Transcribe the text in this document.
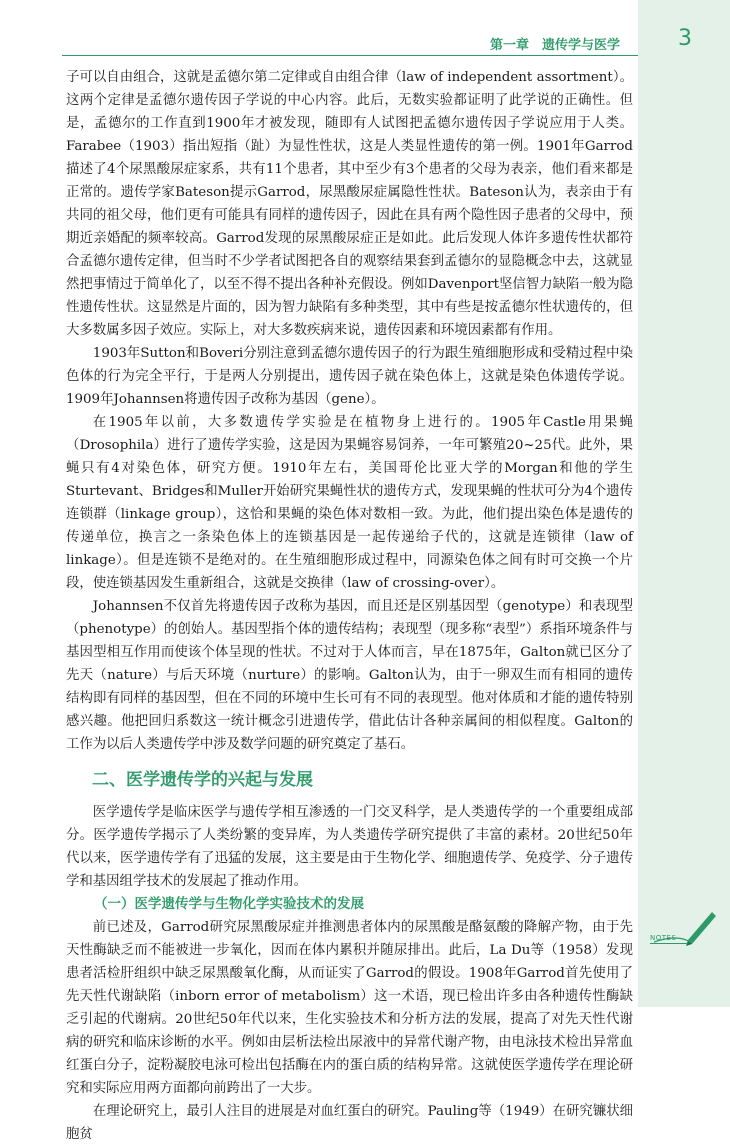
第一章　遗传学与医学	3

子可以自由组合，这就是孟德尔第二定律或自由组合律（law of independent assortment）。这两个定律是孟德尔遗传因子学说的中心内容。此后，无数实验都证明了此学说的正确性。但是，孟德尔的工作直到1900年才被发现，随即有人试图把孟德尔遗传因子学说应用于人类。Farabee（1903）指出短指（趾）为显性性状，这是人类显性遗传的第一例。1901年Garrod描述了4个尿黑酸尿症家系，共有11个患者，其中至少有3个患者的父母为表亲，他们看来都是正常的。遗传学家Bateson提示Garrod，尿黑酸尿症属隐性性状。Bateson认为，表亲由于有共同的祖父母，他们更有可能具有同样的遗传因子，因此在具有两个隐性因子患者的父母中，预期近亲婚配的频率较高。Garrod发现的尿黑酸尿症正是如此。此后发现人体许多遗传性状都符合孟德尔遗传定律，但当时不少学者试图把各自的观察结果套到孟德尔的显隐概念中去，这就显然把事情过于简单化了，以至不得不提出各种补充假设。例如Davenport坚信智力缺陷一般为隐性遗传性状。这显然是片面的，因为智力缺陷有多种类型，其中有些是按孟德尔性状遗传的，但大多数属多因子效应。实际上，对大多数疾病来说，遗传因素和环境因素都有作用。

1903年Sutton和Boveri分别注意到孟德尔遗传因子的行为跟生殖细胞形成和受精过程中染色体的行为完全平行，于是两人分别提出，遗传因子就在染色体上，这就是染色体遗传学说。1909年Johannsen将遗传因子改称为基因（gene）。

在1905年以前，大多数遗传学实验是在植物身上进行的。1905年Castle用果蝇（Drosophila）进行了遗传学实验，这是因为果蝇容易饲养，一年可繁殖20~25代。此外，果蝇只有4对染色体，研究方便。1910年左右，美国哥伦比亚大学的Morgan和他的学生Sturtevant、Bridges和Muller开始研究果蝇性状的遗传方式，发现果蝇的性状可分为4个遗传连锁群（linkage group），这恰和果蝇的染色体对数相一致。为此，他们提出染色体是遗传的传递单位，换言之一条染色体上的连锁基因是一起传递给子代的，这就是连锁律（law of linkage）。但是连锁不是绝对的。在生殖细胞形成过程中，同源染色体之间有时可交换一个片段，使连锁基因发生重新组合，这就是交换律（law of crossing-over）。

Johannsen不仅首先将遗传因子改称为基因，而且还是区别基因型（genotype）和表现型（phenotype）的创始人。基因型指个体的遗传结构；表现型（现多称“表型”）系指环境条件与基因型相互作用而使该个体呈现的性状。不过对于人体而言，早在1875年，Galton就已区分了先天（nature）与后天环境（nurture）的影响。Galton认为，由于一卵双生而有相同的遗传结构即有同样的基因型，但在不同的环境中生长可有不同的表现型。他对体质和才能的遗传特别感兴趣。他把回归系数这一统计概念引进遗传学，借此估计各种亲属间的相似程度。Galton的工作为以后人类遗传学中涉及数学问题的研究奠定了基石。

二、医学遗传学的兴起与发展

医学遗传学是临床医学与遗传学相互渗透的一门交叉科学，是人类遗传学的一个重要组成部分。医学遗传学揭示了人类纷繁的变异库，为人类遗传学研究提供了丰富的素材。20世纪50年代以来，医学遗传学有了迅猛的发展，这主要是由于生物化学、细胞遗传学、免疫学、分子遗传学和基因组学技术的发展起了推动作用。

（一）医学遗传学与生物化学实验技术的发展

前已述及，Garrod研究尿黑酸尿症并推测患者体内的尿黑酸是酪氨酸的降解产物，由于先天性酶缺乏而不能被进一步氧化，因而在体内累积并随尿排出。此后，La Du等（1958）发现患者活检肝组织中缺乏尿黑酸氧化酶，从而证实了Garrod的假设。1908年Garrod首先使用了先天性代谢缺陷（inborn error of metabolism）这一术语，现已检出许多由各种遗传性酶缺乏引起的代谢病。20世纪50年代以来，生化实验技术和分析方法的发展，提高了对先天性代谢病的研究和临床诊断的水平。例如由层析法检出尿液中的异常代谢产物，由电泳技术检出异常血红蛋白分子，淀粉凝胶电泳可检出包括酶在内的蛋白质的结构异常。这就使医学遗传学在理论研究和实际应用两方面都向前跨出了一大步。

在理论研究上，最引人注目的进展是对血红蛋白的研究。Pauling等（1949）在研究镰状细胞贫

NOTES
